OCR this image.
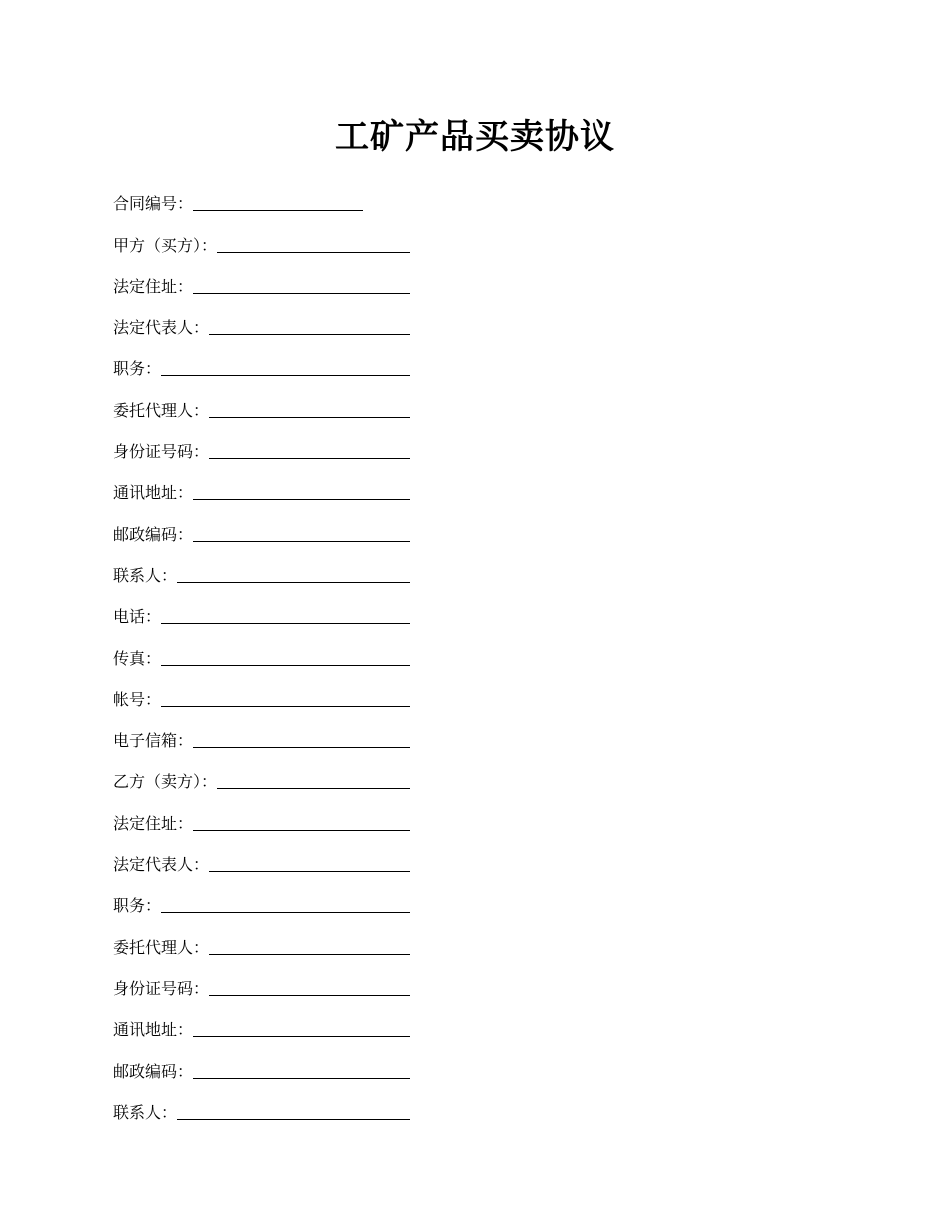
工矿产品买卖协议
合同编号：
甲方（买方）：
法定住址：
法定代表人：
职务：
委托代理人：
身份证号码：
通讯地址：
邮政编码：
联系人：
电话：
传真：
帐号：
电子信箱：
乙方（卖方）：
法定住址：
法定代表人：
职务：
委托代理人：
身份证号码：
通讯地址：
邮政编码：
联系人：
